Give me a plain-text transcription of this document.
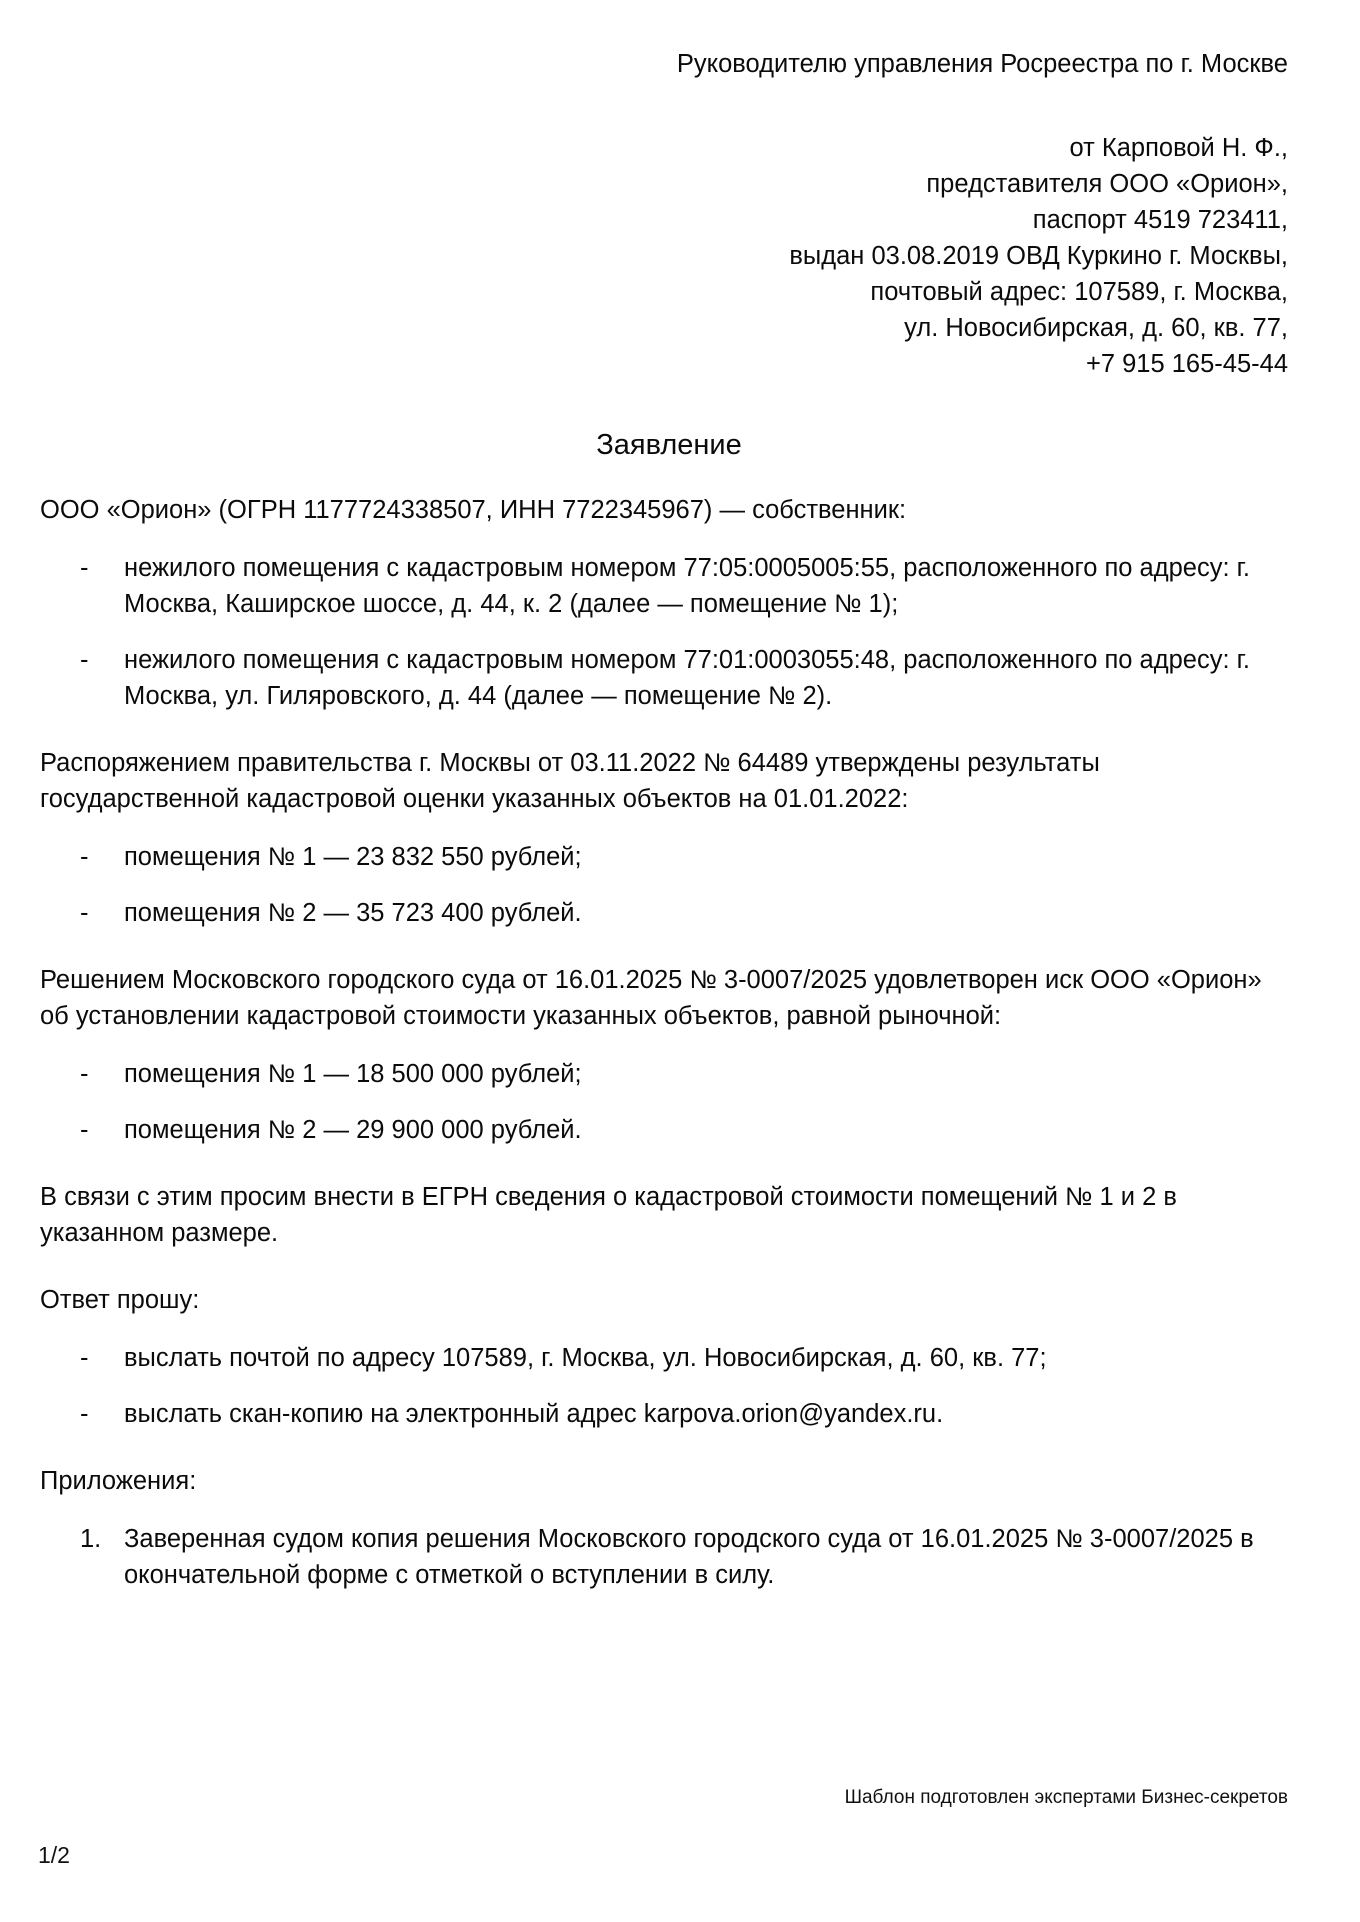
Руководителю управления Росреестра по г. Москве
от Карповой Н. Ф.,
представителя ООО «Орион»,
паспорт 4519 723411,
выдан 03.08.2019 ОВД Куркино г. Москвы,
почтовый адрес: 107589, г. Москва,
ул. Новосибирская, д. 60, кв. 77,
+7 915 165-45-44
Заявление

ООО «Орион» (ОГРН 1177724338507, ИНН 7722345967) — собственник:

-	нежилого помещения с кадастровым номером 77:05:0005005:55, расположенного по адресу: г. Москва, Каширское шоссе, д. 44, к. 2 (далее — помещение № 1);
-	нежилого помещения с кадастровым номером 77:01:0003055:48, расположенного по адресу: г. Москва, ул. Гиляровского, д. 44 (далее — помещение № 2).

Распоряжением правительства г. Москвы от 03.11.2022 № 64489 утверждены результаты государственной кадастровой оценки указанных объектов на 01.01.2022:

-	помещения № 1 — 23 832 550 рублей;
-	помещения № 2 — 35 723 400 рублей.

Решением Московского городского суда от 16.01.2025 № 3-0007/2025 удовлетворен иск ООО «Орион» об установлении кадастровой стоимости указанных объектов, равной рыночной:

-	помещения № 1 — 18 500 000 рублей;
-	помещения № 2 — 29 900 000 рублей.

В связи с этим просим внести в ЕГРН сведения о кадастровой стоимости помещений № 1 и 2 в указанном размере.

Ответ прошу:

-	выслать почтой по адресу 107589, г. Москва, ул. Новосибирская, д. 60, кв. 77;
-	выслать скан-копию на электронный адрес karpova.orion@yandex.ru.

Приложения:

1. Заверенная судом копия решения Московского городского суда от 16.01.2025 № 3-0007/2025 в окончательной форме с отметкой о вступлении в силу.
Шаблон подготовлен экспертами Бизнес-секретов
1/2
